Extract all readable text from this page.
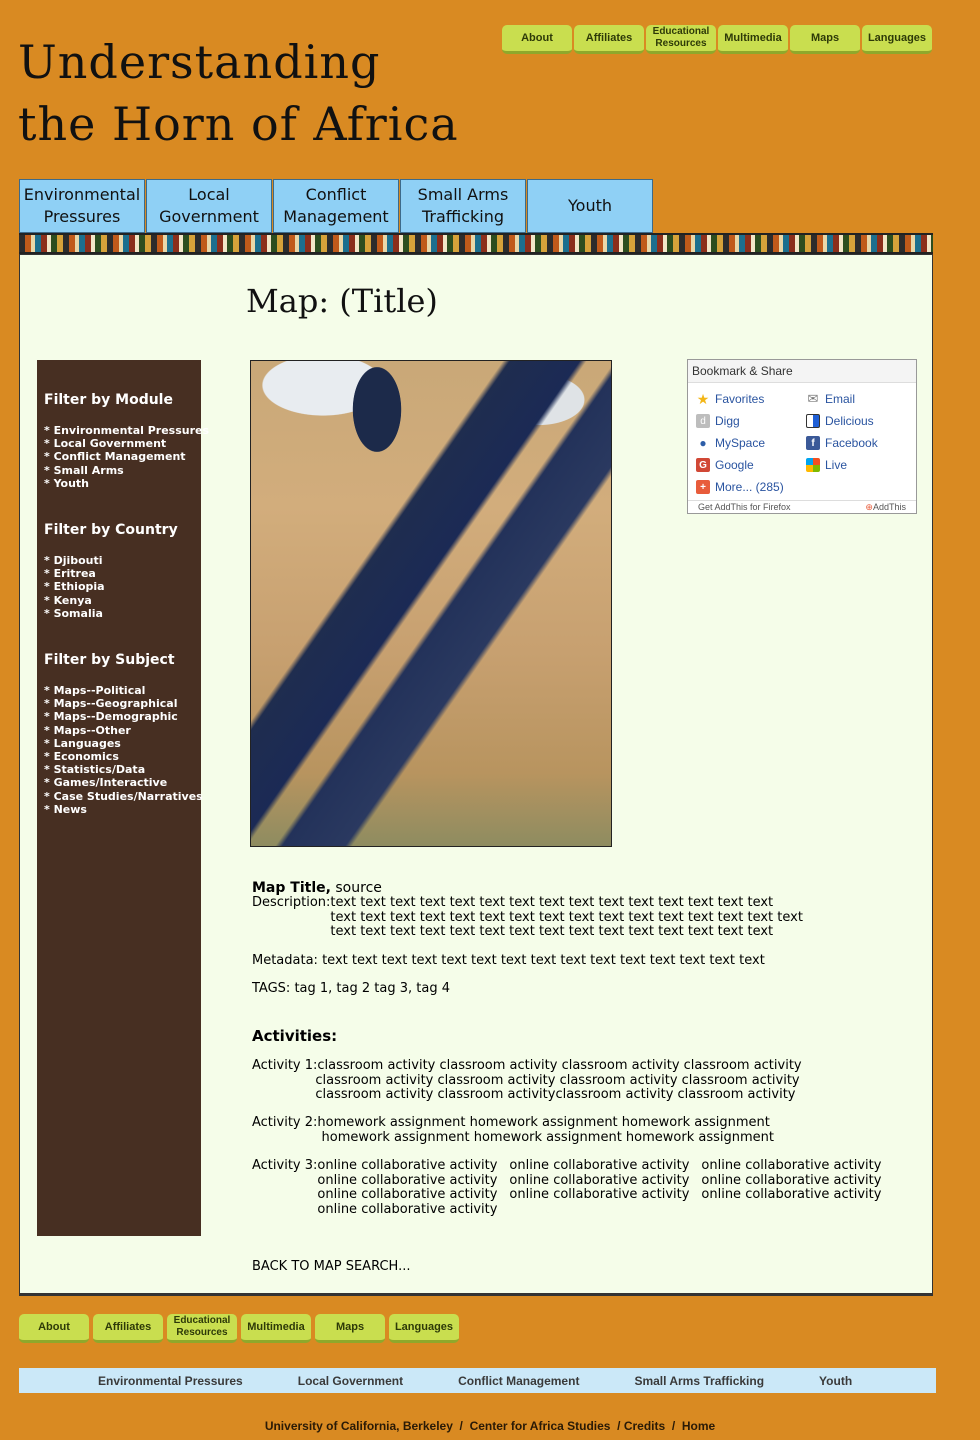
About	Affiliates
Educational Resources	Multimedia	Maps	Languages
Understanding
the Horn of Africa
Environmental Pressures
Local Government
Conflict Management
Small Arms Trafficking
Youth
Map: (Title)
Filter by Module
* Environmental Pressures
* Local Government
* Conflict Management
* Small Arms
* Youth
Filter by Country
* Djibouti
* Eritrea
* Ethiopia
* Kenya
* Somalia
Filter by Subject
* Maps--Political
* Maps--Geographical
* Maps--Demographic
* Maps--Other
* Languages
* Economics
* Statistics/Data
* Games/Interactive
* Case Studies/Narratives
* News
Bookmark & Share
★ Favorites	✉ Email
d Digg	Delicious
● MySpace	f Facebook
G Google	Live
+ More... (285)
Get AddThis for Firefox	⊕AddThis
Map Title, source
Description: text text text text text text text text text text text text text text text
text text text text text text text text text text text text text text text text
text text text text text text text text text text text text text text text
Metadata: text text text text text text text text text text text text text text text
TAGS: tag 1, tag 2 tag 3, tag 4
Activities:
Activity 1: classroom activity classroom activity classroom activity classroom activity
classroom activity classroom activity classroom activity classroom activity
classroom activity classroom activityclassroom activity classroom activity
Activity 2: homework assignment homework assignment homework assignment
homework assignment homework assignment homework assignment
Activity 3: online collaborative activity online collaborative activity online collaborative activity
online collaborative activity online collaborative activity online collaborative activity
online collaborative activity online collaborative activity online collaborative activity
online collaborative activity
BACK TO MAP SEARCH...
About	Affiliates
Educational Resources	Multimedia	Maps	Languages
Environmental Pressures	Local Government	Conflict Management	Small Arms Trafficking	Youth
University of California, Berkeley  /  Center for Africa Studies  / Credits  /  Home
